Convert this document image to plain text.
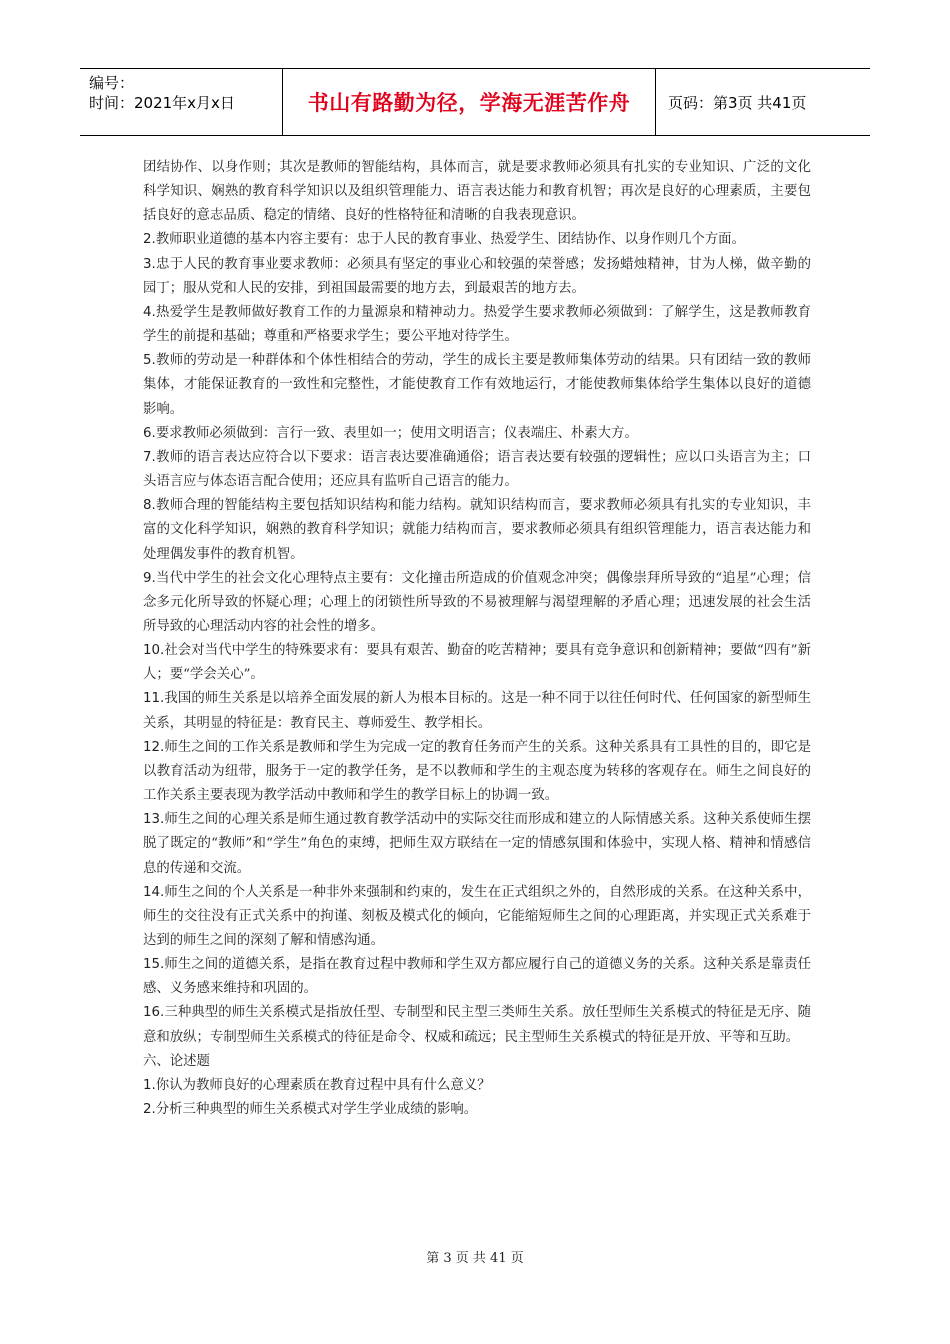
编号：
时间：2021年x月x日	书山有路勤为径，学海无涯苦作舟	页码：第3页 共41页

团结协作、以身作则；其次是教师的智能结构，具体而言，就是要求教师必须具有扎实的专业知识、广泛的文化科学知识、娴熟的教育科学知识以及组织管理能力、语言表达能力和教育机智；再次是良好的心理素质，主要包括良好的意志品质、稳定的情绪、良好的性格特征和清晰的自我表现意识。

2.教师职业道德的基本内容主要有：忠于人民的教育事业、热爱学生、团结协作、以身作则几个方面。

3.忠于人民的教育事业要求教师：必须具有坚定的事业心和较强的荣誉感；发扬蜡烛精神，甘为人梯，做辛勤的园丁；服从党和人民的安排，到祖国最需要的地方去，到最艰苦的地方去。

4.热爱学生是教师做好教育工作的力量源泉和精神动力。热爱学生要求教师必须做到：了解学生，这是教师教育学生的前提和基础；尊重和严格要求学生；要公平地对待学生。

5.教师的劳动是一种群体和个体性相结合的劳动，学生的成长主要是教师集体劳动的结果。只有团结一致的教师集体，才能保证教育的一致性和完整性，才能使教育工作有效地运行，才能使教师集体给学生集体以良好的道德影响。

6.要求教师必须做到：言行一致、表里如一；使用文明语言；仪表端庄、朴素大方。

7.教师的语言表达应符合以下要求：语言表达要准确通俗；语言表达要有较强的逻辑性；应以口头语言为主；口头语言应与体态语言配合使用；还应具有监听自己语言的能力。

8.教师合理的智能结构主要包括知识结构和能力结构。就知识结构而言，要求教师必须具有扎实的专业知识，丰富的文化科学知识，娴熟的教育科学知识；就能力结构而言，要求教师必须具有组织管理能力，语言表达能力和处理偶发事件的教育机智。

9.当代中学生的社会文化心理特点主要有：文化撞击所造成的价值观念冲突；偶像崇拜所导致的“追星”心理；信念多元化所导致的怀疑心理；心理上的闭锁性所导致的不易被理解与渴望理解的矛盾心理；迅速发展的社会生活所导致的心理活动内容的社会性的增多。

10.社会对当代中学生的特殊要求有：要具有艰苦、勤奋的吃苦精神；要具有竞争意识和创新精神；要做“四有”新人；要“学会关心”。

11.我国的师生关系是以培养全面发展的新人为根本目标的。这是一种不同于以往任何时代、任何国家的新型师生关系，其明显的特征是：教育民主、尊师爱生、教学相长。

12.师生之间的工作关系是教师和学生为完成一定的教育任务而产生的关系。这种关系具有工具性的目的，即它是以教育活动为纽带，服务于一定的教学任务，是不以教师和学生的主观态度为转移的客观存在。师生之间良好的工作关系主要表现为教学活动中教师和学生的教学目标上的协调一致。

13.师生之间的心理关系是师生通过教育教学活动中的实际交往而形成和建立的人际情感关系。这种关系使师生摆脱了既定的“教师”和“学生”角色的束缚，把师生双方联结在一定的情感氛围和体验中，实现人格、精神和情感信息的传递和交流。

14.师生之间的个人关系是一种非外来强制和约束的，发生在正式组织之外的，自然形成的关系。在这种关系中，师生的交往没有正式关系中的拘谨、刻板及模式化的倾向，它能缩短师生之间的心理距离，并实现正式关系难于达到的师生之间的深刻了解和情感沟通。

15.师生之间的道德关系，是指在教育过程中教师和学生双方都应履行自己的道德义务的关系。这种关系是靠责任感、义务感来维持和巩固的。

16.三种典型的师生关系模式是指放任型、专制型和民主型三类师生关系。放任型师生关系模式的特征是无序、随意和放纵；专制型师生关系模式的待征是命令、权威和疏远；民主型师生关系模式的特征是开放、平等和互助。

六、论述题

1.你认为教师良好的心理素质在教育过程中具有什么意义？

2.分析三种典型的师生关系模式对学生学业成绩的影响。

第 3 页 共 41 页
